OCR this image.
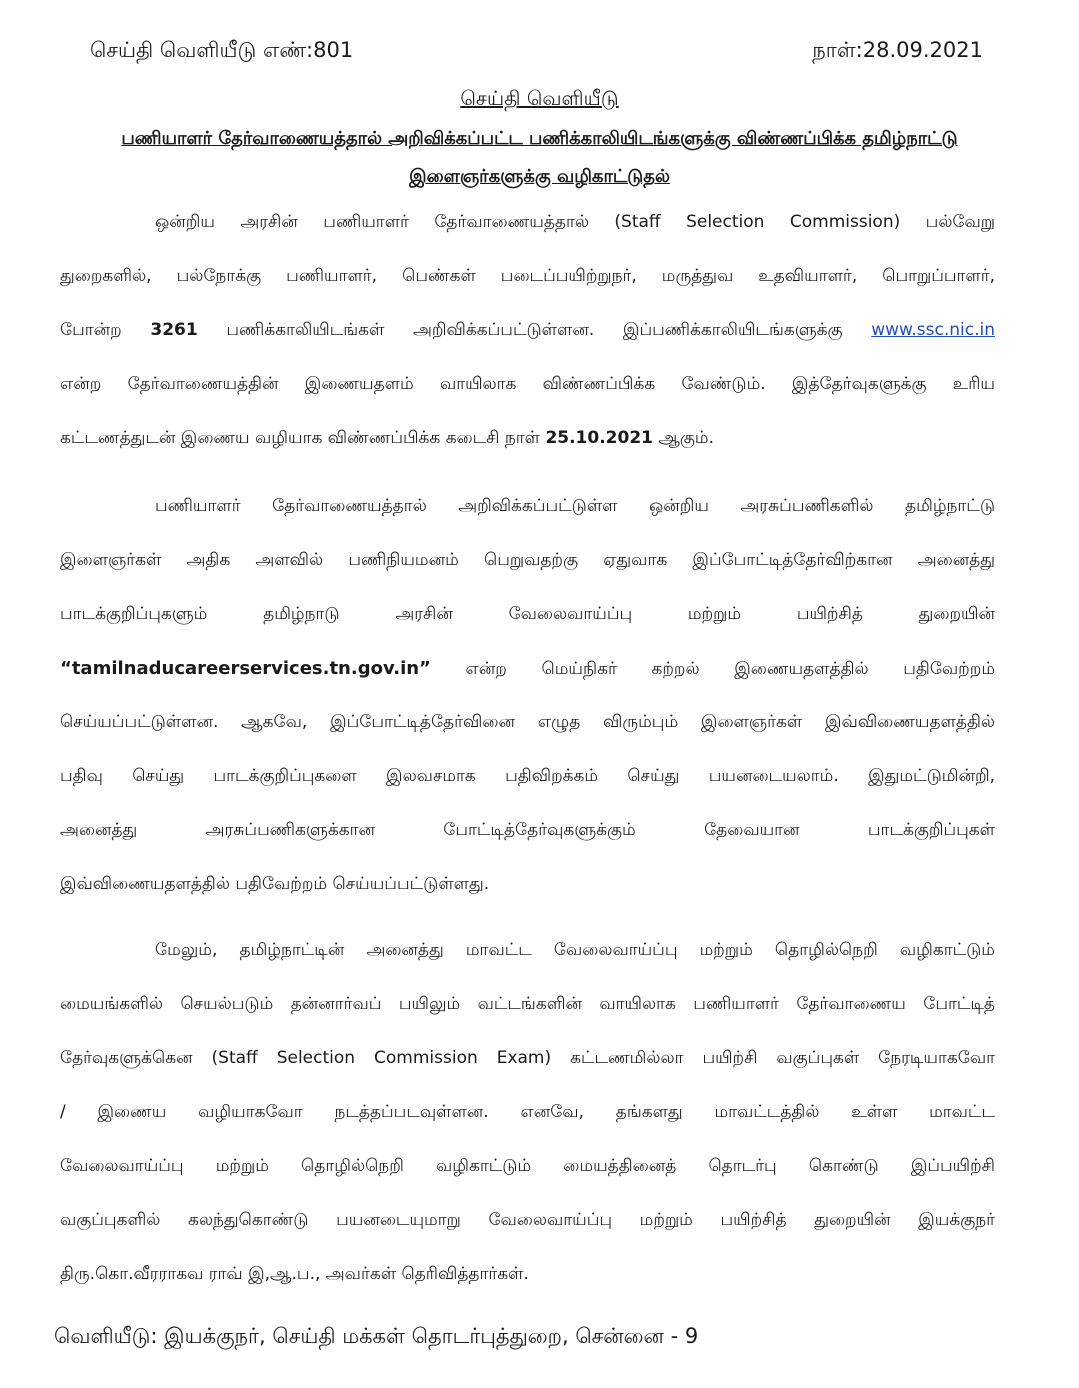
செய்தி வெளியீடு எண்:801	நாள்:28.09.2021
செய்தி வெளியீடு
பணியாளர் தேர்வாணையத்தால் அறிவிக்கப்பட்ட பணிக்காலியிடங்களுக்கு விண்ணப்பிக்க தமிழ்நாட்டு
இளைஞர்களுக்கு வழிகாட்டுதல்
ஒன்றிய அரசின் பணியாளர் தேர்வாணையத்தால் (Staff Selection Commission) பல்வேறு
துறைகளில், பல்நோக்கு பணியாளர், பெண்கள் படைப்பயிற்றுநர், மருத்துவ உதவியாளர், பொறுப்பாளர்,
போன்ற 3261 பணிக்காலியிடங்கள் அறிவிக்கப்பட்டுள்ளன. இப்பணிக்காலியிடங்களுக்கு www.ssc.nic.in
என்ற தேர்வாணையத்தின் இணையதளம் வாயிலாக விண்ணப்பிக்க வேண்டும். இத்தேர்வுகளுக்கு உரிய
கட்டணத்துடன் இணைய வழியாக விண்ணப்பிக்க கடைசி நாள் 25.10.2021 ஆகும்.
பணியாளர் தேர்வாணையத்தால் அறிவிக்கப்பட்டுள்ள ஒன்றிய அரசுப்பணிகளில் தமிழ்நாட்டு
இளைஞர்கள் அதிக அளவில் பணிநியமனம் பெறுவதற்கு ஏதுவாக இப்போட்டித்தேர்விற்கான அனைத்து
பாடக்குறிப்புகளும் தமிழ்நாடு அரசின் வேலைவாய்ப்பு மற்றும் பயிற்சித் துறையின்
“tamilnaducareerservices.tn.gov.in” என்ற மெய்நிகர் கற்றல் இணையதளத்தில் பதிவேற்றம்
செய்யப்பட்டுள்ளன. ஆகவே, இப்போட்டித்தேர்வினை எழுத விரும்பும் இளைஞர்கள் இவ்விணையதளத்தில்
பதிவு செய்து பாடக்குறிப்புகளை இலவசமாக பதிவிறக்கம் செய்து பயனடையலாம். இதுமட்டுமின்றி,
அனைத்து அரசுப்பணிகளுக்கான போட்டித்தேர்வுகளுக்கும் தேவையான பாடக்குறிப்புகள்
இவ்விணையதளத்தில் பதிவேற்றம் செய்யப்பட்டுள்ளது.
மேலும், தமிழ்நாட்டின் அனைத்து மாவட்ட வேலைவாய்ப்பு மற்றும் தொழில்நெறி வழிகாட்டும்
மையங்களில் செயல்படும் தன்னார்வப் பயிலும் வட்டங்களின் வாயிலாக பணியாளர் தேர்வாணைய போட்டித்
தேர்வுகளுக்கென (Staff Selection Commission Exam) கட்டணமில்லா பயிற்சி வகுப்புகள் நேரடியாகவோ
/ இணைய வழியாகவோ நடத்தப்படவுள்ளன. எனவே, தங்களது மாவட்டத்தில் உள்ள மாவட்ட
வேலைவாய்ப்பு மற்றும் தொழில்நெறி வழிகாட்டும் மையத்தினைத் தொடர்பு கொண்டு இப்பயிற்சி
வகுப்புகளில் கலந்துகொண்டு பயனடையுமாறு வேலைவாய்ப்பு மற்றும் பயிற்சித் துறையின் இயக்குநர்
திரு.கொ.வீரராகவ ராவ் இ,ஆ.ப., அவர்கள் தெரிவித்தார்கள்.
வெளியீடு: இயக்குநர், செய்தி மக்கள் தொடர்புத்துறை, சென்னை - 9
